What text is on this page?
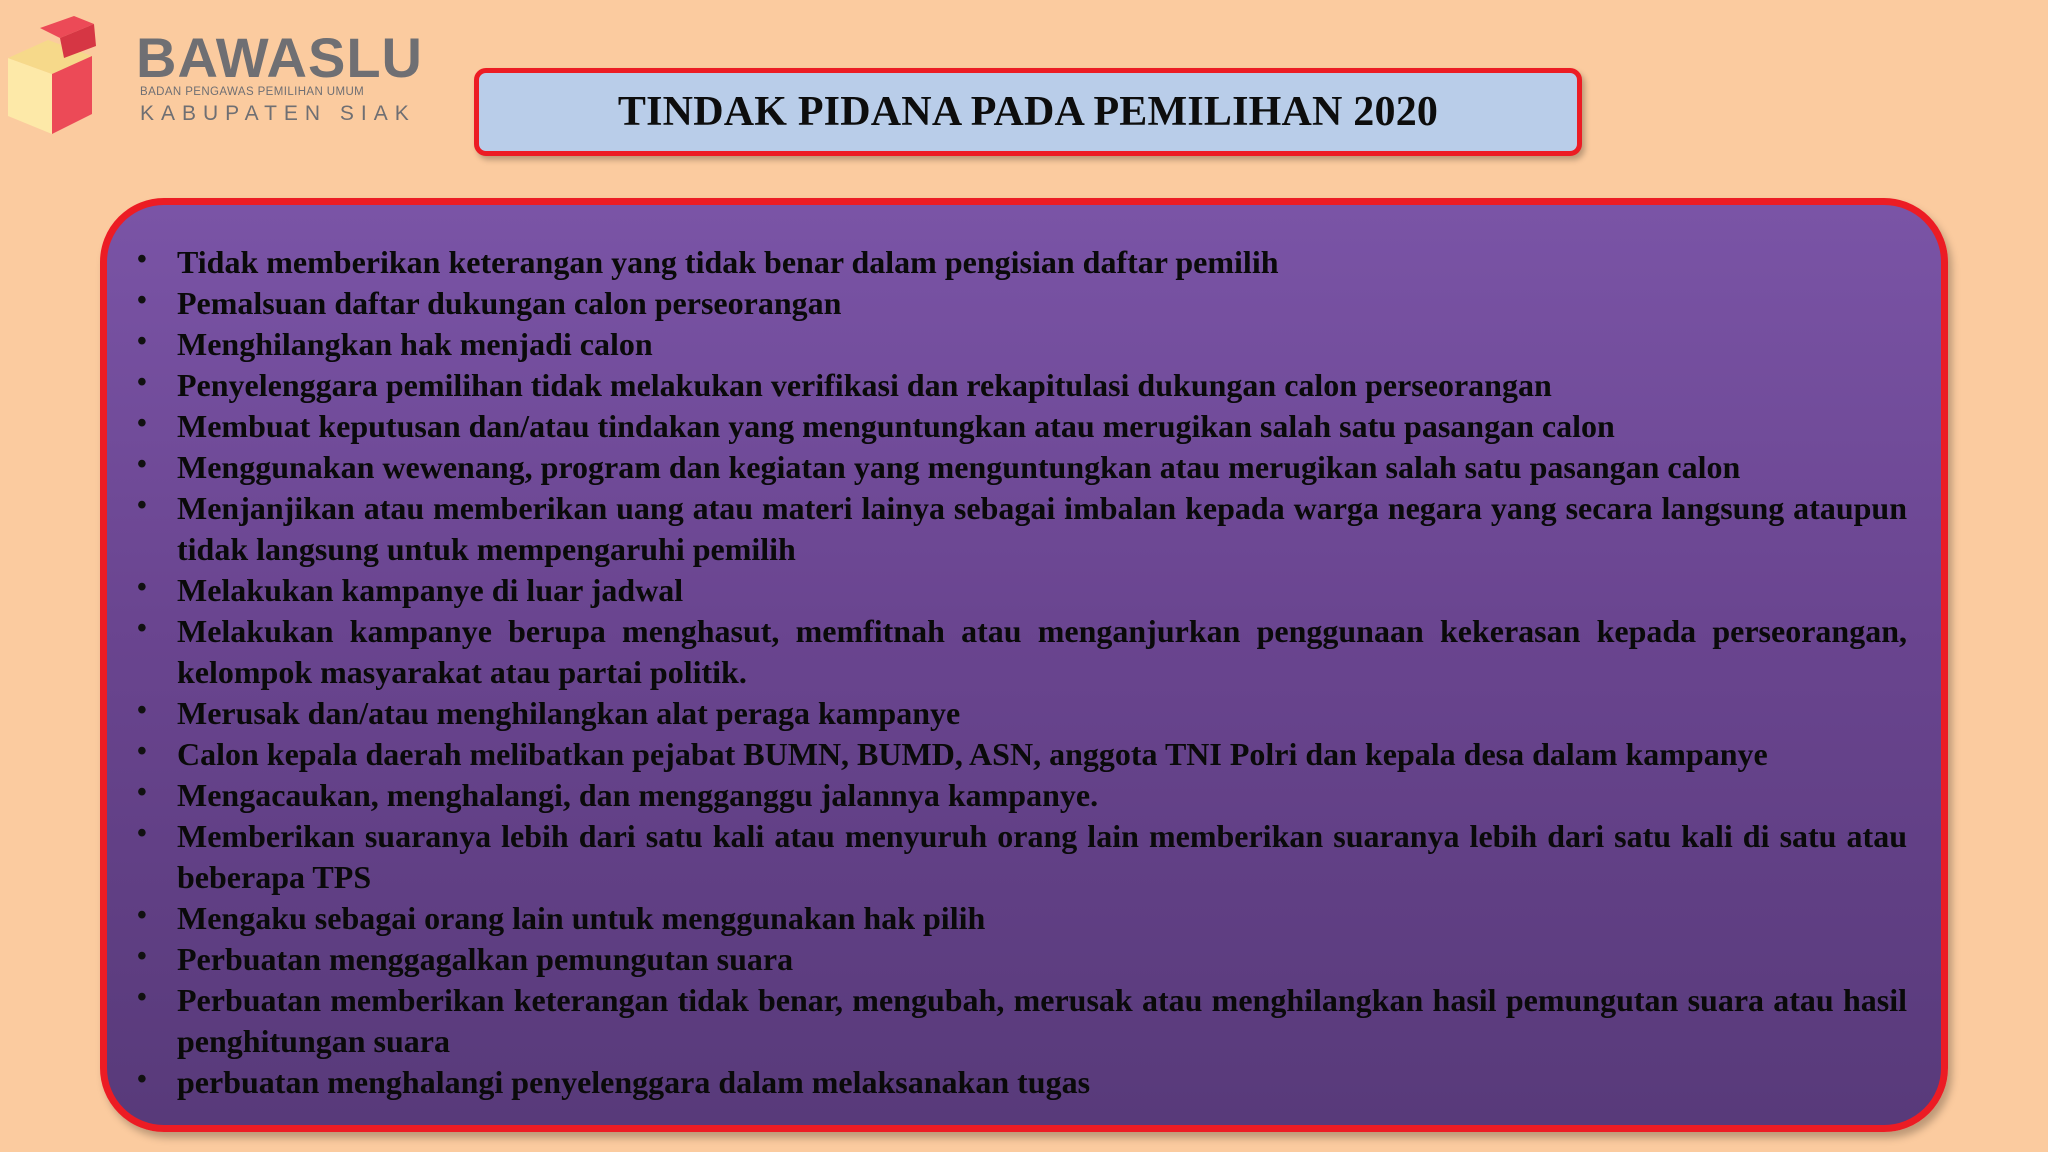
BAWASLU
BADAN PENGAWAS PEMILIHAN UMUM
KABUPATEN SIAK	TINDAK PIDANA PADA PEMILIHAN 2020
• Tidak memberikan keterangan yang tidak benar dalam pengisian daftar pemilih
• Pemalsuan daftar dukungan calon perseorangan
• Menghilangkan hak menjadi calon
• Penyelenggara pemilihan tidak melakukan verifikasi dan rekapitulasi dukungan calon perseorangan
• Membuat keputusan dan/atau tindakan yang menguntungkan atau merugikan salah satu pasangan calon
• Menggunakan wewenang, program dan kegiatan yang menguntungkan atau merugikan salah satu pasangan calon
• Menjanjikan atau memberikan uang atau materi lainya sebagai imbalan kepada warga negara yang secara langsung ataupun tidak langsung untuk mempengaruhi pemilih
• Melakukan kampanye di luar jadwal
• Melakukan kampanye berupa menghasut, memfitnah atau menganjurkan penggunaan kekerasan kepada perseorangan, kelompok masyarakat atau partai politik.
• Merusak dan/atau menghilangkan alat peraga kampanye
• Calon kepala daerah melibatkan pejabat BUMN, BUMD, ASN, anggota TNI Polri dan kepala desa dalam kampanye
• Mengacaukan, menghalangi, dan mengganggu jalannya kampanye.
• Memberikan suaranya lebih dari satu kali atau menyuruh orang lain memberikan suaranya lebih dari satu kali di satu atau beberapa TPS
• Mengaku sebagai orang lain untuk menggunakan hak pilih
• Perbuatan menggagalkan pemungutan suara
• Perbuatan memberikan keterangan tidak benar, mengubah, merusak atau menghilangkan hasil pemungutan suara atau hasil penghitungan suara
• perbuatan menghalangi penyelenggara dalam melaksanakan tugas
